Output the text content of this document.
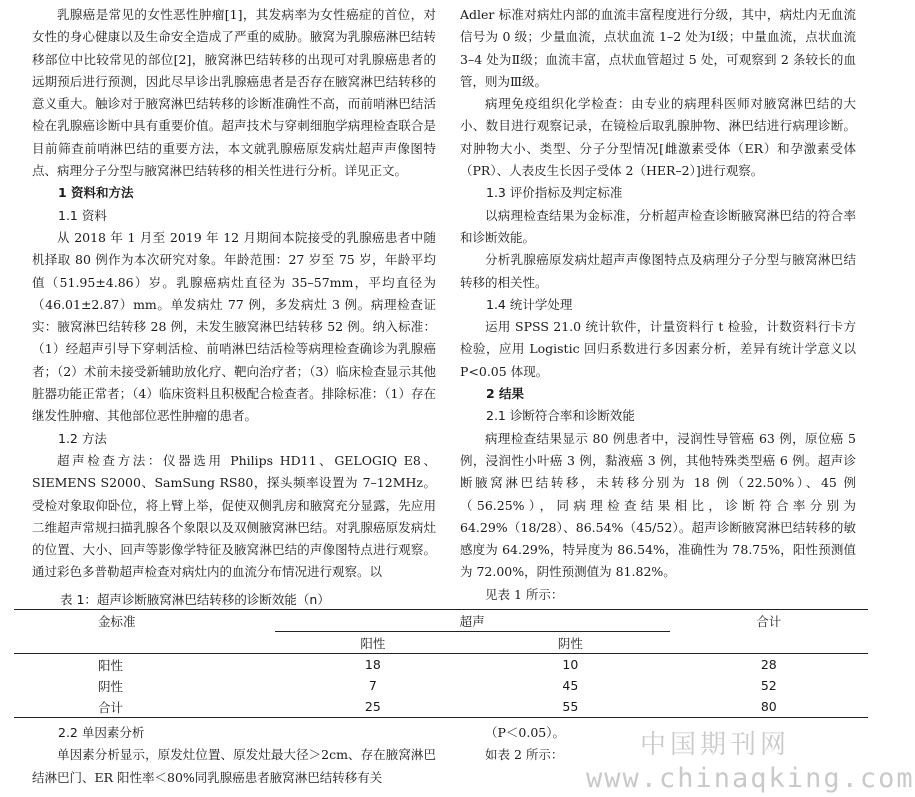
乳腺癌是常见的女性恶性肿瘤[1]，其发病率为女性癌症的首位，对女性的身心健康以及生命安全造成了严重的威胁。腋窝为乳腺癌淋巴结转移部位中比较常见的部位[2]，腋窝淋巴结转移的出现可对乳腺癌患者的远期预后进行预测，因此尽早诊出乳腺癌患者是否存在腋窝淋巴结转移的意义重大。触诊对于腋窝淋巴结转移的诊断准确性不高，而前哨淋巴结活检在乳腺癌诊断中具有重要价值。超声技术与穿刺细胞学病理检查联合是目前筛查前哨淋巴结的重要方法，本文就乳腺癌原发病灶超声声像图特点、病理分子分型与腋窝淋巴结转移的相关性进行分析。详见正文。

1 资料和方法
1.1 资料

从 2018 年 1 月至 2019 年 12 月期间本院接受的乳腺癌患者中随机择取 80 例作为本次研究对象。年龄范围：27 岁至 75 岁，年龄平均值（51.95±4.86）岁。乳腺癌病灶直径为 35–57mm，平均直径为（46.01±2.87）mm。单发病灶 77 例，多发病灶 3 例。病理检查证实：腋窝淋巴结转移 28 例，未发生腋窝淋巴结转移 52 例。纳入标准：（1）经超声引导下穿刺活检、前哨淋巴结活检等病理检查确诊为乳腺癌者；（2）术前未接受新辅助放化疗、靶向治疗者；（3）临床检查显示其他脏器功能正常者；（4）临床资料且积极配合检查者。排除标准：（1）存在继发性肿瘤、其他部位恶性肿瘤的患者。

1.2 方法

超声检查方法：仪器选用 Philips HD11、GELOGIQ E8、SIEMENS S2000、SamSung RS80，探头频率设置为 7–12MHz。受检对象取仰卧位，将上臂上举，促使双侧乳房和腋窝充分显露，先应用二维超声常规扫描乳腺各个象限以及双侧腋窝淋巴结。对乳腺癌原发病灶的位置、大小、回声等影像学特征及腋窝淋巴结的声像图特点进行观察。通过彩色多普勒超声检查对病灶内的血流分布情况进行观察。以

Adler 标准对病灶内部的血流丰富程度进行分级，其中，病灶内无血流信号为 0 级；少量血流，点状血流 1–2 处为Ⅰ级；中量血流，点状血流 3–4 处为Ⅱ级；血流丰富，点状血管超过 5 处，可观察到 2 条较长的血管，则为Ⅲ级。

病理免疫组织化学检查：由专业的病理科医师对腋窝淋巴结的大小、数目进行观察记录，在镜检后取乳腺肿物、淋巴结进行病理诊断。对肿物大小、类型、分子分型情况[雌激素受体（ER）和孕激素受体（PR）、人表皮生长因子受体 2（HER–2）]进行观察。

1.3 评价指标及判定标准

以病理检查结果为金标准，分析超声检查诊断腋窝淋巴结的符合率和诊断效能。

分析乳腺癌原发病灶超声声像图特点及病理分子分型与腋窝淋巴结转移的相关性。

1.4 统计学处理

运用 SPSS 21.0 统计软件，计量资料行 t 检验，计数资料行卡方检验，应用 Logistic 回归系数进行多因素分析，差异有统计学意义以 P<0.05 体现。

2 结果
2.1 诊断符合率和诊断效能

病理检查结果显示 80 例患者中，浸润性导管癌 63 例，原位癌 5 例，浸润性小叶癌 3 例，黏液癌 3 例，其他特殊类型癌 6 例。超声诊断腋窝淋巴结转移，未转移分别为 18 例（22.50%）、45 例（56.25%），同病理检查结果相比，诊断符合率分别为 64.29%（18/28）、86.54%（45/52）。超声诊断腋窝淋巴结转移的敏感度为 64.29%，特异度为 86.54%，准确性为 78.75%，阳性预测值为 72.00%，阴性预测值为 81.82%。

见表 1 所示：

表 1：超声诊断腋窝淋巴结转移的诊断效能（n）
金标准	超声		合计
	阳性	阴性	
阳性	18	10	28
阴性	7	45	52
合计	25	55	80
2.2 单因素分析

单因素分析显示，原发灶位置、原发灶最大径＞2cm、存在腋窝淋巴结淋巴门、ER 阳性率＜80%同乳腺癌患者腋窝淋巴结转移有关

（P＜0.05）。

如表 2 所示：	中国期刊网
www.chinaqking.com
